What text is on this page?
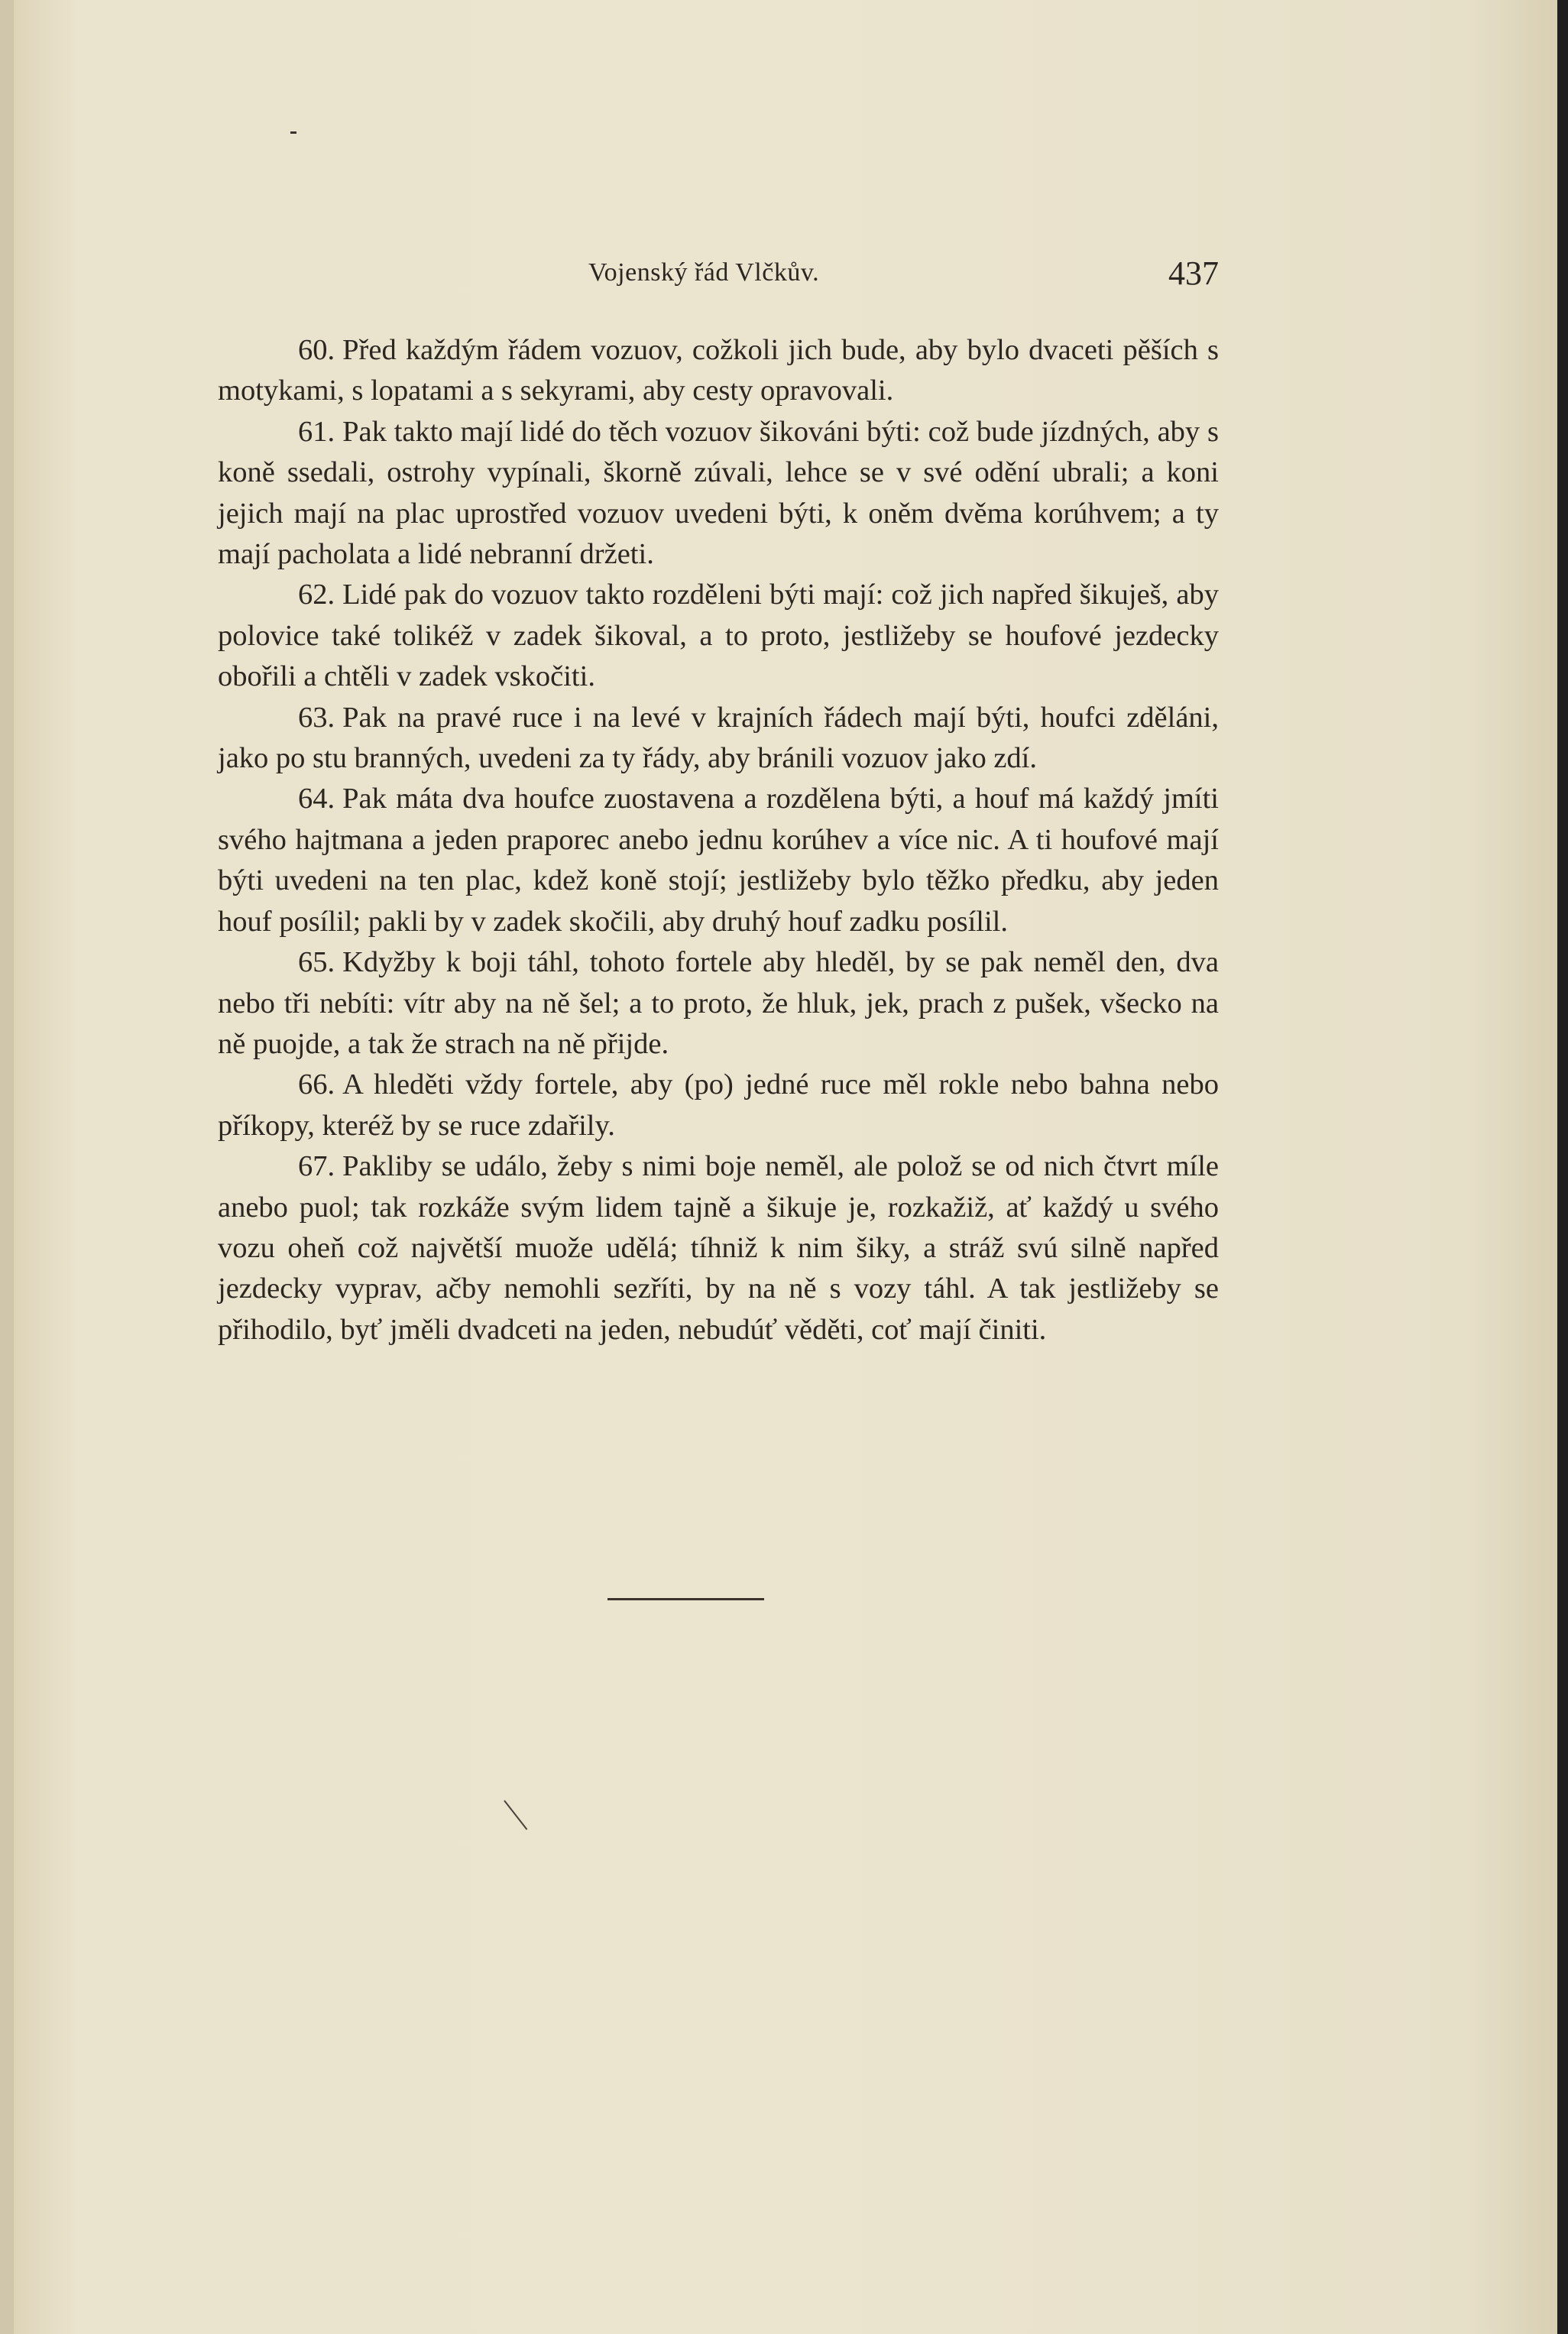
Vojenský řád Vlčkův.	437

60. Před každým řádem vozuov, cožkoli jich bude, aby bylo dvaceti pěších s motykami, s lopatami a s sekyrami, aby cesty opravovali.

61. Pak takto mají lidé do těch vozuov šikováni býti: což bude jízdných, aby s koně ssedali, ostrohy vypínali, škorně zúvali, lehce se v své odění ubrali; a koni jejich mají na plac uprostřed vozuov uvedeni býti, k oněm dvěma korúhvem; a ty mají pacholata a lidé nebranní držeti.

62. Lidé pak do vozuov takto rozděleni býti mají: což jich napřed šikuješ, aby polovice také tolikéž v zadek šikoval, a to proto, jestližeby se houfové jezdecky obořili a chtěli v zadek vskočiti.

63. Pak na pravé ruce i na levé v krajních řádech mají býti, houfci zděláni, jako po stu branných, uvedeni za ty řády, aby bránili vozuov jako zdí.

64. Pak máta dva houfce zuostavena a rozdělena býti, a houf má každý jmíti svého hajtmana a jeden praporec anebo jednu korúhev a více nic. A ti houfové mají býti uvedeni na ten plac, kdež koně stojí; jestližeby bylo těžko předku, aby jeden houf posílil; pakli by v zadek skočili, aby druhý houf zadku posílil.

65. Kdyžby k boji táhl, tohoto fortele aby hleděl, by se pak neměl den, dva nebo tři nebíti: vítr aby na ně šel; a to proto, že hluk, jek, prach z pušek, všecko na ně puojde, a tak že strach na ně přijde.

66. A hleděti vždy fortele, aby (po) jedné ruce měl rokle nebo bahna nebo příkopy, kteréž by se ruce zdařily.

67. Pakliby se událo, žeby s nimi boje neměl, ale polož se od nich čtvrt míle anebo puol; tak rozkáže svým lidem tajně a šikuje je, rozkažiž, ať každý u svého vozu oheň což najvětší muože udělá; tíhniž k nim šiky, a stráž svú silně napřed jezdecky vyprav, ačby nemohli sezříti, by na ně s vozy táhl. A tak jestližeby se přihodilo, byť jměli dvadceti na jeden, nebudúť věděti, coť mají činiti.
